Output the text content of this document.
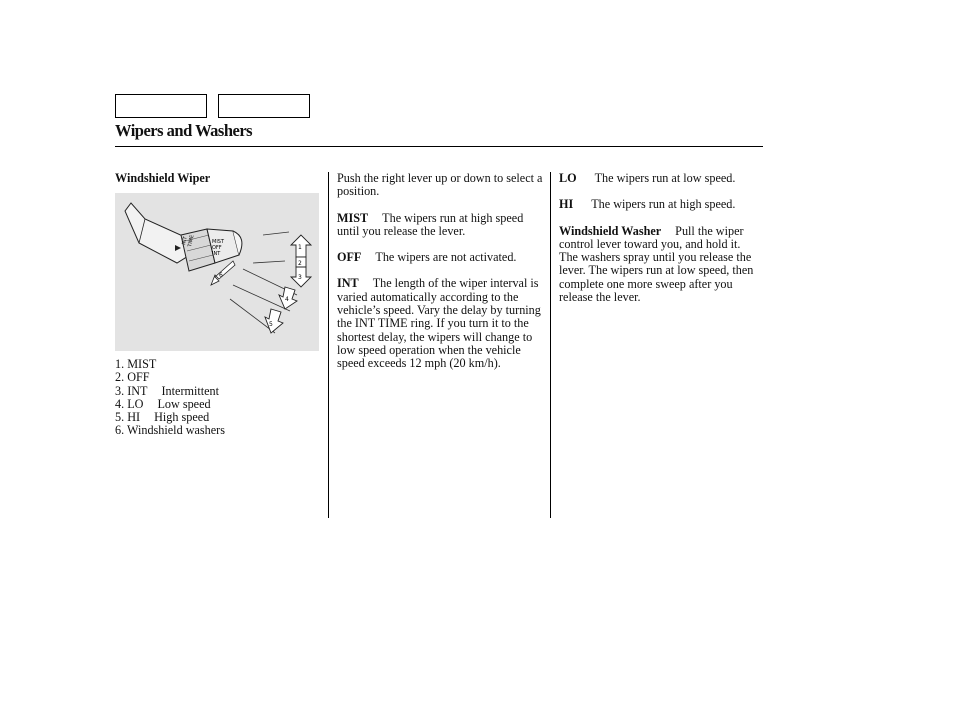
Wipers and Washers

Windshield Wiper

INT
TIME	MIST
OFF
INT
6
1
2
3
4
5
1. MIST
2. OFF
3. INT Intermittent
4. LO Low speed
5. HI High speed
6. Windshield washers

Push the right lever up or down to select a position.

MIST The wipers run at high speed until you release the lever.

OFF The wipers are not activated.

INT The length of the wiper interval is varied automatically according to the vehicle’s speed. Vary the delay by turning the INT TIME ring. If you turn it to the shortest delay, the wipers will change to low speed operation when the vehicle speed exceeds 12 mph (20 km/h).

LO The wipers run at low speed.

HI The wipers run at high speed.

Windshield Washer Pull the wiper control lever toward you, and hold it. The washers spray until you release the lever. The wipers run at low speed, then complete one more sweep after you release the lever.
